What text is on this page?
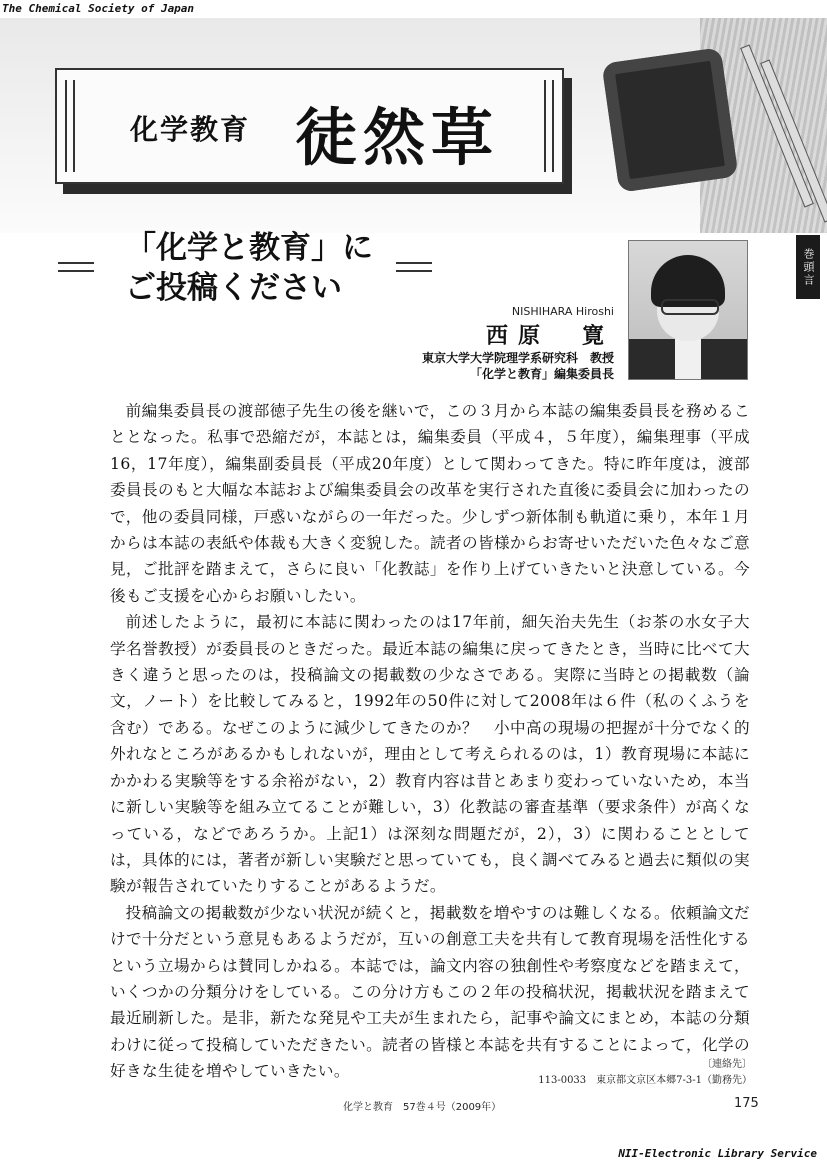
The Chemical Society of Japan
化学教育 徒然草
巻頭言
「化学と教育」に
ご投稿ください
NISHIHARA Hiroshi
西原　寛
東京大学大学院理学系研究科　教授
「化学と教育」編集委員長

前編集委員長の渡部徳子先生の後を継いで，この３月から本誌の編集委員長を務めることとなった。私事で恐縮だが，本誌とは，編集委員（平成４，５年度），編集理事（平成16，17年度），編集副委員長（平成20年度）として関わってきた。特に昨年度は，渡部委員長のもと大幅な本誌および編集委員会の改革を実行された直後に委員会に加わったので，他の委員同様，戸惑いながらの一年だった。少しずつ新体制も軌道に乗り，本年１月からは本誌の表紙や体裁も大きく変貌した。読者の皆様からお寄せいただいた色々なご意見，ご批評を踏まえて，さらに良い「化教誌」を作り上げていきたいと決意している。今後もご支援を心からお願いしたい。

前述したように，最初に本誌に関わったのは17年前，細矢治夫先生（お茶の水女子大学名誉教授）が委員長のときだった。最近本誌の編集に戻ってきたとき，当時に比べて大きく違うと思ったのは，投稿論文の掲載数の少なさである。実際に当時との掲載数（論文，ノート）を比較してみると，1992年の50件に対して2008年は６件（私のくふうを含む）である。なぜこのように減少してきたのか？　小中高の現場の把握が十分でなく的外れなところがあるかもしれないが，理由として考えられるのは，1）教育現場に本誌にかかわる実験等をする余裕がない，2）教育内容は昔とあまり変わっていないため，本当に新しい実験等を組み立てることが難しい，3）化教誌の審査基準（要求条件）が高くなっている，などであろうか。上記1）は深刻な問題だが，2），3）に関わることとしては，具体的には，著者が新しい実験だと思っていても，良く調べてみると過去に類似の実験が報告されていたりすることがあるようだ。

投稿論文の掲載数が少ない状況が続くと，掲載数を増やすのは難しくなる。依頼論文だけで十分だという意見もあるようだが，互いの創意工夫を共有して教育現場を活性化するという立場からは賛同しかねる。本誌では，論文内容の独創性や考察度などを踏まえて，いくつかの分類分けをしている。この分け方もこの２年の投稿状況，掲載状況を踏まえて最近刷新した。是非，新たな発見や工夫が生まれたら，記事や論文にまとめ，本誌の分類わけに従って投稿していただきたい。読者の皆様と本誌を共有することによって，化学の好きな生徒を増やしていきたい。	〔連絡先〕
113-0033　東京都文京区本郷7-3-1（勤務先）
化学と教育　57巻４号（2009年）	175
NII-Electronic Library Service
